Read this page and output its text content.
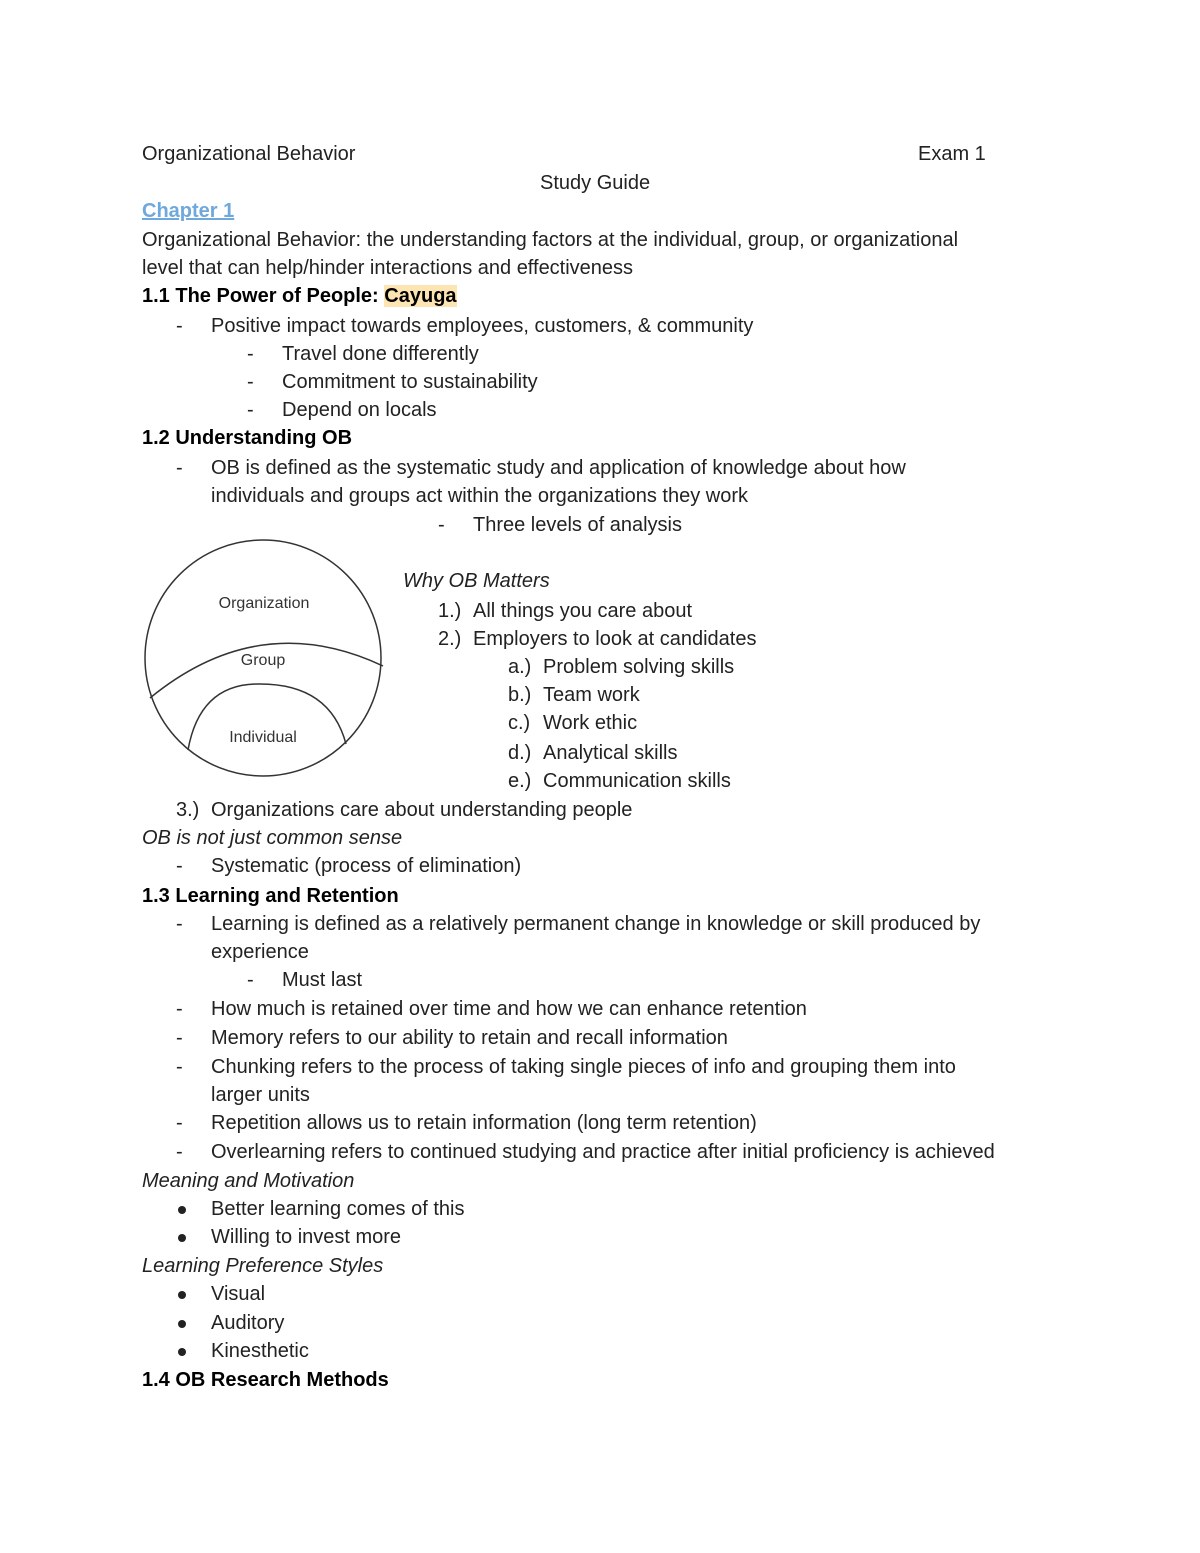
Organizational Behavior	Exam 1
Study Guide
Chapter 1
Organizational Behavior: the understanding factors at the individual, group, or organizational
level that can help/hinder interactions and effectiveness
1.1 The Power of People: Cayuga
- Positive impact towards employees, customers, & community
- Travel done differently
- Commitment to sustainability
- Depend on locals
1.2 Understanding OB
- OB is defined as the systematic study and application of knowledge about how
individuals and groups act within the organizations they work
- Three levels of analysis
Organization
Group
Individual
Why OB Matters
1.) All things you care about
2.) Employers to look at candidates
a.) Problem solving skills
b.) Team work
c.) Work ethic
d.) Analytical skills
e.) Communication skills
3.) Organizations care about understanding people
OB is not just common sense
- Systematic (process of elimination)
1.3 Learning and Retention
- Learning is defined as a relatively permanent change in knowledge or skill produced by
experience
- Must last
- How much is retained over time and how we can enhance retention
- Memory refers to our ability to retain and recall information
- Chunking refers to the process of taking single pieces of info and grouping them into
larger units
- Repetition allows us to retain information (long term retention)
- Overlearning refers to continued studying and practice after initial proficiency is achieved
Meaning and Motivation
Better learning comes of this
Willing to invest more
Learning Preference Styles
Visual
Auditory
Kinesthetic
1.4 OB Research Methods
